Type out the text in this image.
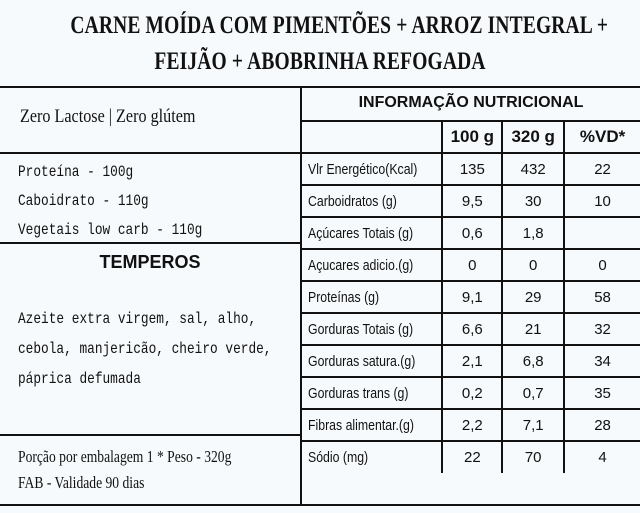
CARNE MOÍDA COM PIMENTÕES + ARROZ INTEGRAL +
FEIJÃO + ABOBRINHA REFOGADA
Zero Lactose | Zero glútem
Proteína - 100g
Caboidrato - 110g
Vegetais low carb - 110g
TEMPEROS
Azeite extra virgem, sal, alho,
cebola, manjericão, cheiro verde,
páprica defumada
Porção por embalagem 1 * Peso - 320g
FAB - Validade 90 dias
INFORMAÇÃO NUTRICIONAL
	100 g	320 g	%VD*
Vlr Energético(Kcal)	135	432	22
Carboidratos (g)	9,5	30	10
Açúcares Totais (g)	0,6	1,8	
Açucares adicio.(g)	0	0	0
Proteínas (g)	9,1	29	58
Gorduras Totais (g)	6,6	21	32
Gorduras satura.(g)	2,1	6,8	34
Gorduras trans (g)	0,2	0,7	35
Fibras alimentar.(g)	2,2	7,1	28
Sódio (mg)	22	70	4
